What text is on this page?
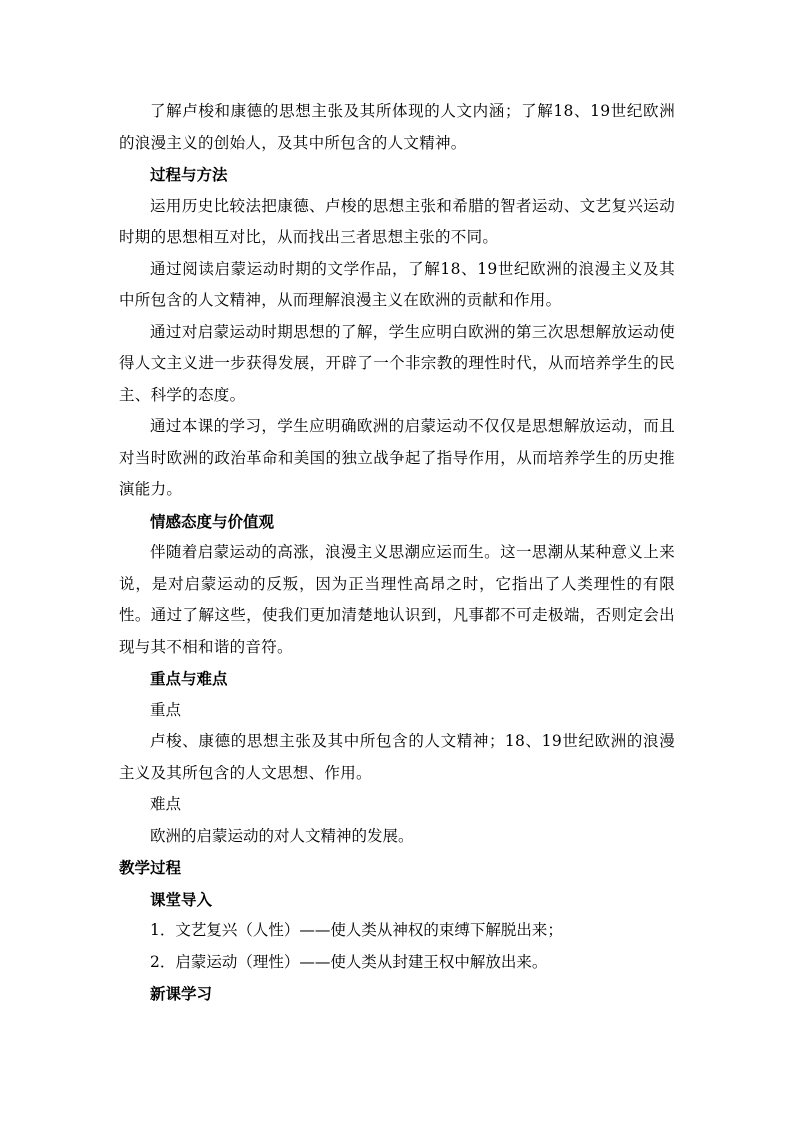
了解卢梭和康德的思想主张及其所体现的人文内涵；了解18、19世纪欧洲的浪漫主义的创始人，及其中所包含的人文精神。

过程与方法

运用历史比较法把康德、卢梭的思想主张和希腊的智者运动、文艺复兴运动时期的思想相互对比，从而找出三者思想主张的不同。

通过阅读启蒙运动时期的文学作品，了解18、19世纪欧洲的浪漫主义及其中所包含的人文精神，从而理解浪漫主义在欧洲的贡献和作用。

通过对启蒙运动时期思想的了解，学生应明白欧洲的第三次思想解放运动使得人文主义进一步获得发展，开辟了一个非宗教的理性时代，从而培养学生的民主、科学的态度。

通过本课的学习，学生应明确欧洲的启蒙运动不仅仅是思想解放运动，而且对当时欧洲的政治革命和美国的独立战争起了指导作用，从而培养学生的历史推演能力。

情感态度与价值观

伴随着启蒙运动的高涨，浪漫主义思潮应运而生。这一思潮从某种意义上来说，是对启蒙运动的反叛，因为正当理性高昂之时，它指出了人类理性的有限性。通过了解这些，使我们更加清楚地认识到，凡事都不可走极端，否则定会出现与其不相和谐的音符。

重点与难点

重点

卢梭、康德的思想主张及其中所包含的人文精神；18、19世纪欧洲的浪漫主义及其所包含的人文思想、作用。

难点

欧洲的启蒙运动的对人文精神的发展。

教学过程

课堂导入

1．文艺复兴（人性）——使人类从神权的束缚下解脱出来；

2．启蒙运动（理性）——使人类从封建王权中解放出来。

新课学习
